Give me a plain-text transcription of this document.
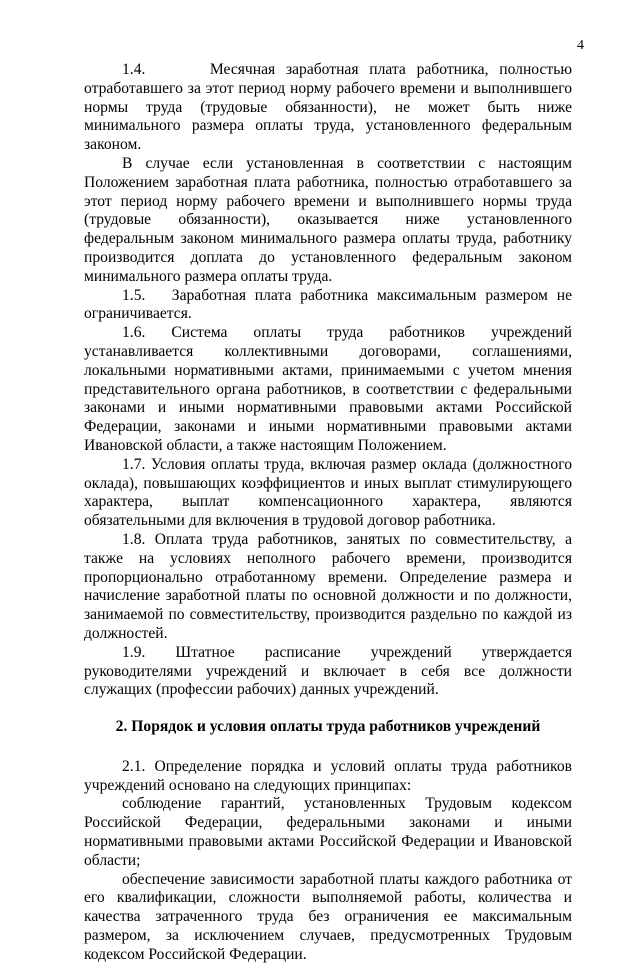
4

1.4.      Месячная заработная плата работника, полностью отработавшего за этот период норму рабочего времени и выполнившего нормы труда (трудовые обязанности), не может быть ниже минимального размера оплаты труда, установленного федеральным законом.

В случае если установленная в соответствии с настоящим Положением заработная плата работника, полностью отработавшего за этот период норму рабочего времени и выполнившего нормы труда (трудовые обязанности), оказывается ниже установленного федеральным законом минимального размера оплаты труда, работнику производится доплата до установленного федеральным законом минимального размера оплаты труда.

1.5.   Заработная плата работника максимальным размером не ограничивается.

1.6. Система оплаты труда работников учреждений устанавливается коллективными договорами, соглашениями, локальными нормативными актами, принимаемыми с учетом мнения представительного органа работников, в соответствии с федеральными законами и иными нормативными правовыми актами Российской Федерации, законами и иными нормативными правовыми актами Ивановской области, а также настоящим Положением.

1.7. Условия оплаты труда, включая размер оклада (должностного оклада), повышающих коэффициентов и иных выплат стимулирующего характера, выплат компенсационного характера, являются обязательными для включения в трудовой договор работника.

1.8. Оплата труда работников, занятых по совместительству, а также на условиях неполного рабочего времени, производится пропорционально отработанному времени. Определение размера и начисление заработной платы по основной должности и по должности, занимаемой по совместительству, производится раздельно по каждой из должностей.

1.9. Штатное расписание учреждений утверждается руководителями учреждений и включает в себя все должности служащих (профессии рабочих) данных учреждений.

2. Порядок и условия оплаты труда работников учреждений

2.1. Определение порядка и условий оплаты труда работников учреждений основано на следующих принципах:

соблюдение гарантий, установленных Трудовым кодексом Российской Федерации, федеральными законами и иными нормативными правовыми актами Российской Федерации и Ивановской области;

обеспечение зависимости заработной платы каждого работника от его квалификации, сложности выполняемой работы, количества и качества затраченного труда без ограничения ее максимальным размером, за исключением случаев, предусмотренных Трудовым кодексом Российской Федерации.
